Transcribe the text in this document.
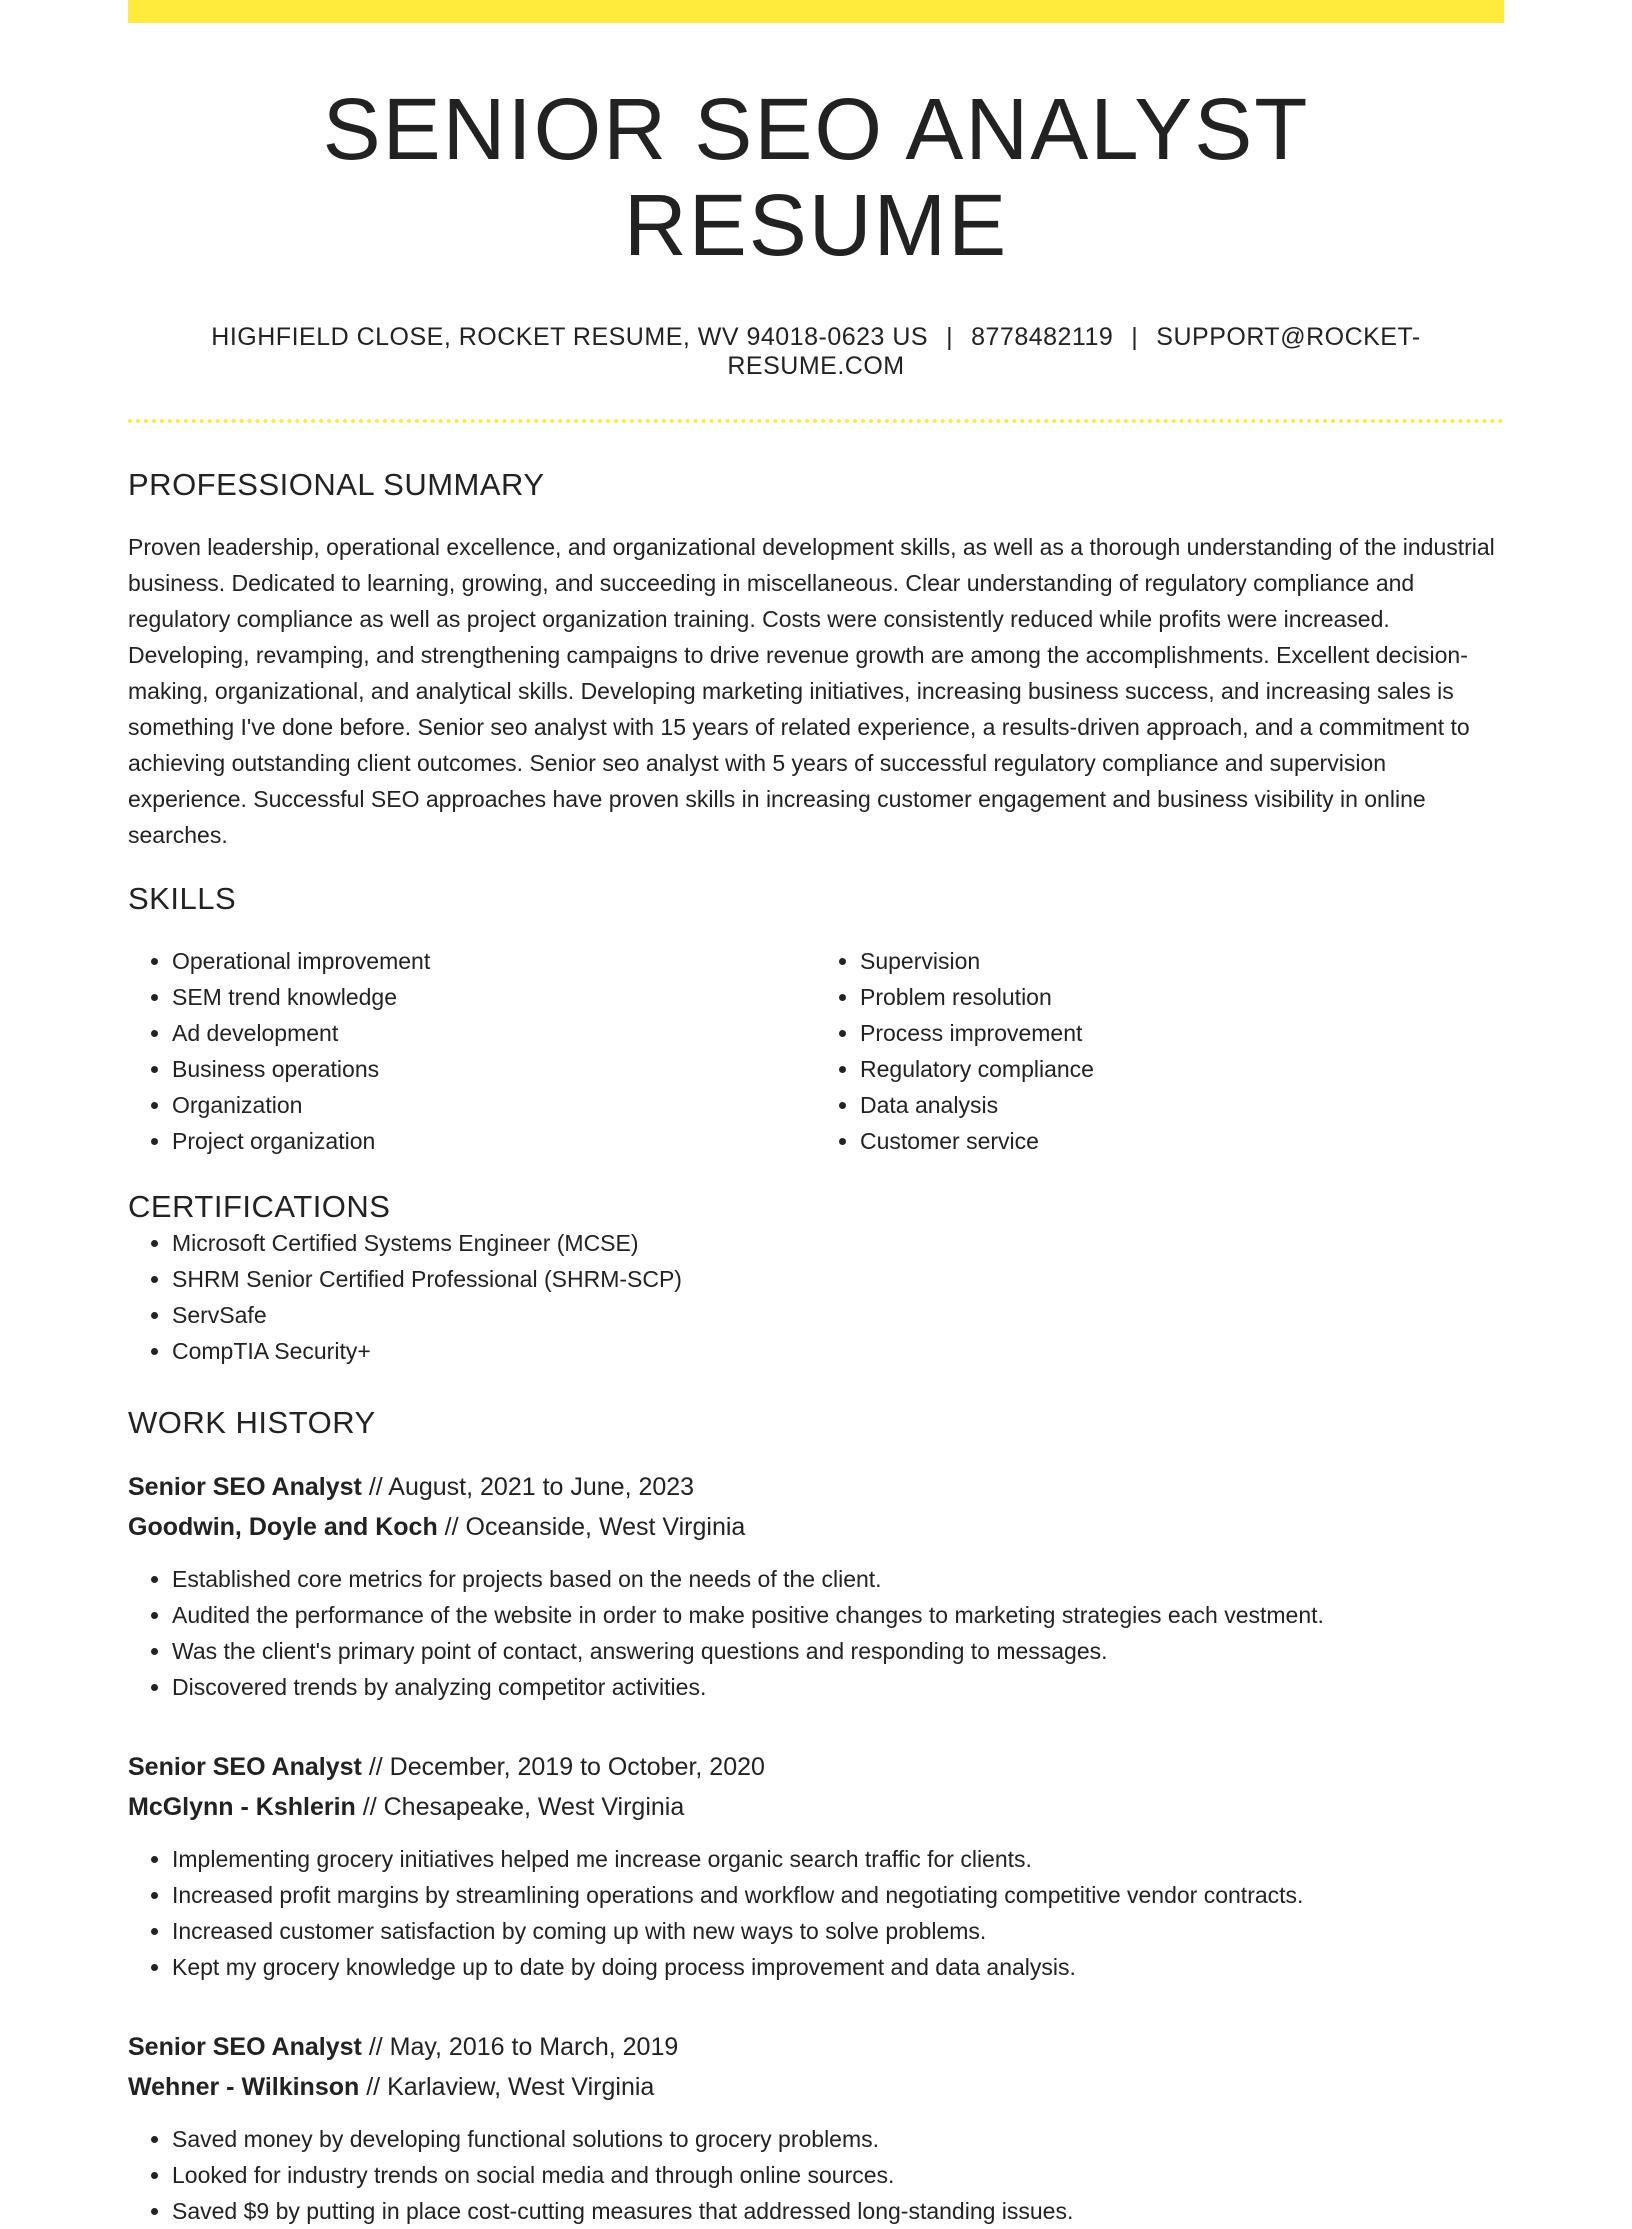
SENIOR SEO ANALYST RESUME
HIGHFIELD CLOSE, ROCKET RESUME, WV 94018-0623 US | 8778482119 | SUPPORT@ROCKET-RESUME.COM
PROFESSIONAL SUMMARY
Proven leadership, operational excellence, and organizational development skills, as well as a thorough understanding of the industrial business. Dedicated to learning, growing, and succeeding in miscellaneous. Clear understanding of regulatory compliance and regulatory compliance as well as project organization training. Costs were consistently reduced while profits were increased. Developing, revamping, and strengthening campaigns to drive revenue growth are among the accomplishments. Excellent decision-making, organizational, and analytical skills. Developing marketing initiatives, increasing business success, and increasing sales is something I've done before. Senior seo analyst with 15 years of related experience, a results-driven approach, and a commitment to achieving outstanding client outcomes. Senior seo analyst with 5 years of successful regulatory compliance and supervision experience. Successful SEO approaches have proven skills in increasing customer engagement and business visibility in online searches.
SKILLS
• Operational improvement
• SEM trend knowledge
• Ad development
• Business operations
• Organization
• Project organization
• Supervision
• Problem resolution
• Process improvement
• Regulatory compliance
• Data analysis
• Customer service
CERTIFICATIONS
• Microsoft Certified Systems Engineer (MCSE)
• SHRM Senior Certified Professional (SHRM-SCP)
• ServSafe
• CompTIA Security+
WORK HISTORY
Senior SEO Analyst // August, 2021 to June, 2023
Goodwin, Doyle and Koch // Oceanside, West Virginia
• Established core metrics for projects based on the needs of the client.
• Audited the performance of the website in order to make positive changes to marketing strategies each vestment.
• Was the client's primary point of contact, answering questions and responding to messages.
• Discovered trends by analyzing competitor activities.
Senior SEO Analyst // December, 2019 to October, 2020
McGlynn - Kshlerin // Chesapeake, West Virginia
• Implementing grocery initiatives helped me increase organic search traffic for clients.
• Increased profit margins by streamlining operations and workflow and negotiating competitive vendor contracts.
• Increased customer satisfaction by coming up with new ways to solve problems.
• Kept my grocery knowledge up to date by doing process improvement and data analysis.
Senior SEO Analyst // May, 2016 to March, 2019
Wehner - Wilkinson // Karlaview, West Virginia
• Saved money by developing functional solutions to grocery problems.
• Looked for industry trends on social media and through online sources.
• Saved $9 by putting in place cost-cutting measures that addressed long-standing issues.
